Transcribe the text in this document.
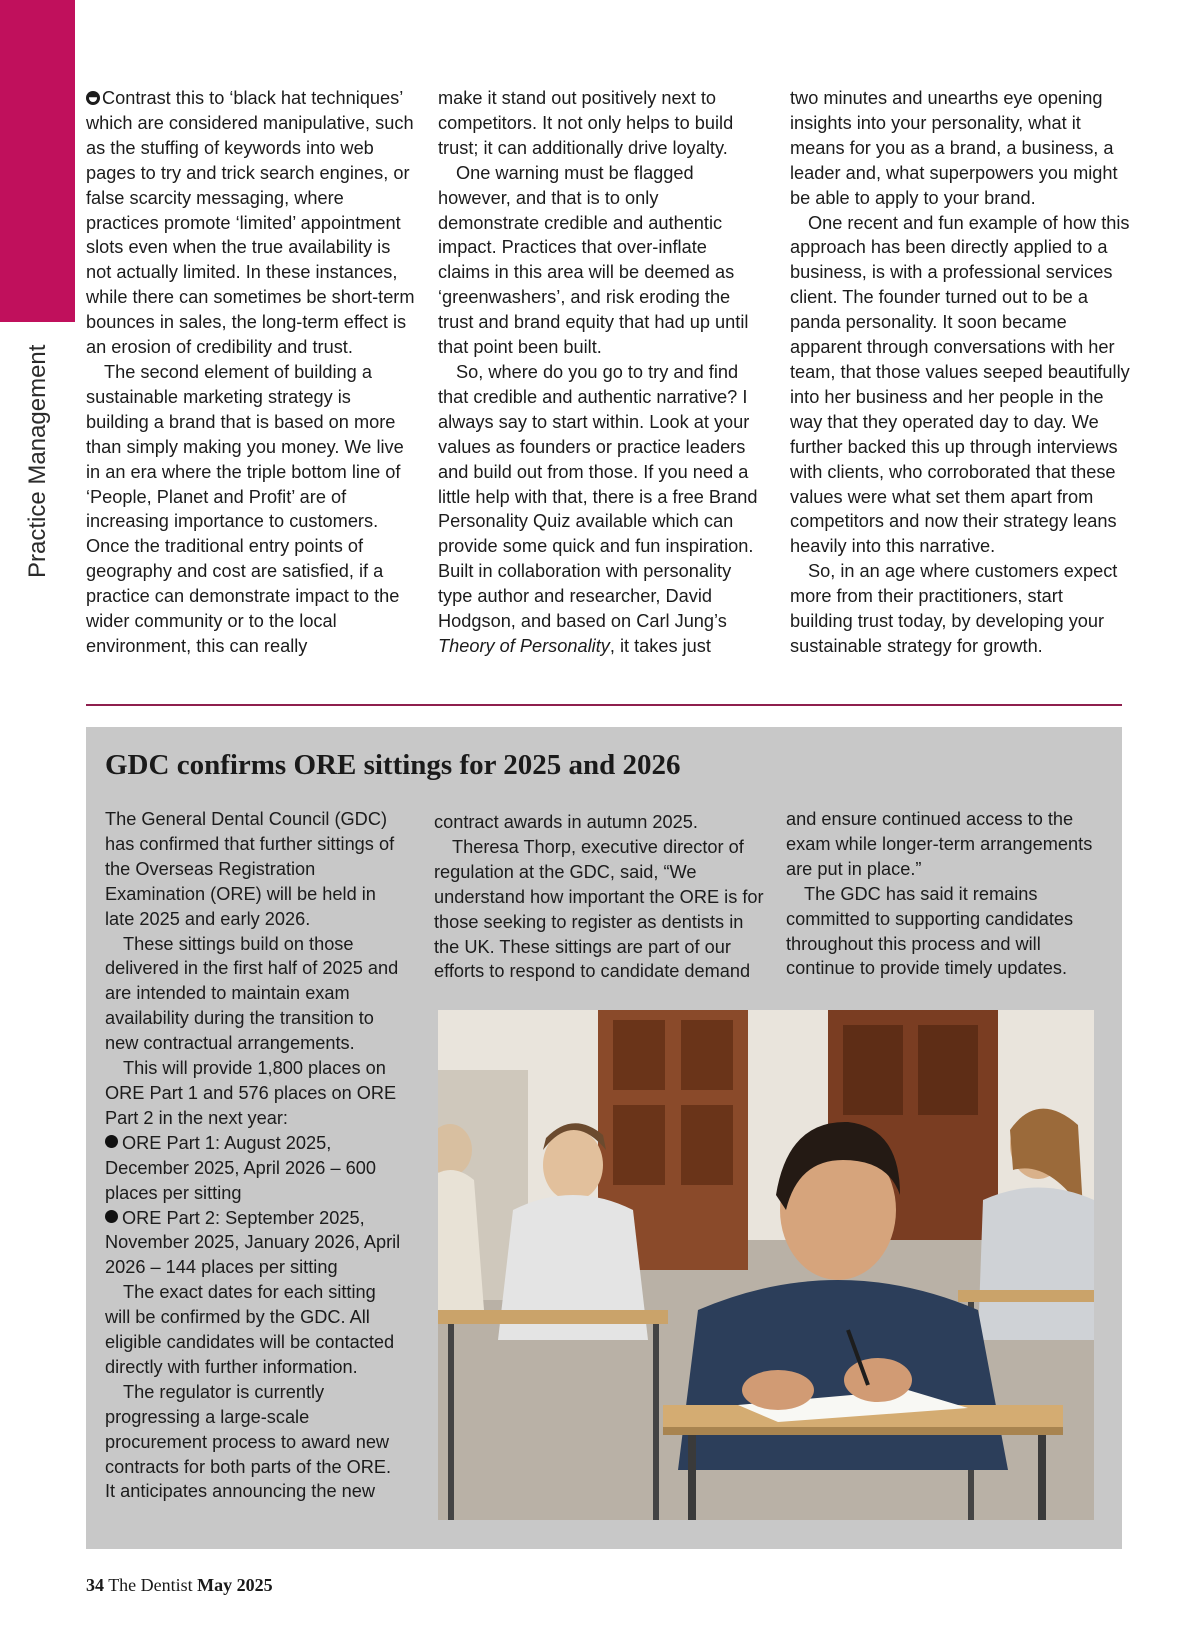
Practice Management

Contrast this to ‘black hat techniques’ which are considered manipulative, such as the stuffing of keywords into web pages to try and trick search engines, or false scarcity messaging, where practices promote ‘limited’ appointment slots even when the true availability is not actually limited. In these instances, while there can sometimes be short-term bounces in sales, the long-term effect is an erosion of credibility and trust.

The second element of building a sustainable marketing strategy is building a brand that is based on more than simply making you money. We live in an era where the triple bottom line of ‘People, Planet and Profit’ are of increasing importance to customers. Once the traditional entry points of geography and cost are satisfied, if a practice can demonstrate impact to the wider community or to the local environment, this can really

make it stand out positively next to competitors. It not only helps to build trust; it can additionally drive loyalty.

One warning must be flagged however, and that is to only demonstrate credible and authentic impact. Practices that over-inflate claims in this area will be deemed as ‘greenwashers’, and risk eroding the trust and brand equity that had up until that point been built.

So, where do you go to try and find that credible and authentic narrative? I always say to start within. Look at your values as founders or practice leaders and build out from those. If you need a little help with that, there is a free Brand Personality Quiz available which can provide some quick and fun inspiration. Built in collaboration with personality type author and researcher, David Hodgson, and based on Carl Jung’s Theory of Personality, it takes just

two minutes and unearths eye opening insights into your personality, what it means for you as a brand, a business, a leader and, what superpowers you might be able to apply to your brand.

One recent and fun example of how this approach has been directly applied to a business, is with a professional services client. The founder turned out to be a panda personality. It soon became apparent through conversations with her team, that those values seeped beautifully into her business and her people in the way that they operated day to day. We further backed this up through interviews with clients, who corroborated that these values were what set them apart from competitors and now their strategy leans heavily into this narrative.

So, in an age where customers expect more from their practitioners, start building trust today, by developing your sustainable strategy for growth.

GDC confirms ORE sittings for 2025 and 2026

The General Dental Council (GDC) has confirmed that further sittings of the Overseas Registration Examination (ORE) will be held in late 2025 and early 2026.

These sittings build on those delivered in the first half of 2025 and are intended to maintain exam availability during the transition to new contractual arrangements.

This will provide 1,800 places on ORE Part 1 and 576 places on ORE Part 2 in the next year:

ORE Part 1: August 2025, December 2025, April 2026 – 600 places per sitting

ORE Part 2: September 2025, November 2025, January 2026, April 2026 – 144 places per sitting

The exact dates for each sitting will be confirmed by the GDC. All eligible candidates will be contacted directly with further information.

The regulator is currently progressing a large-scale procurement process to award new contracts for both parts of the ORE. It anticipates announcing the new

contract awards in autumn 2025.

Theresa Thorp, executive director of regulation at the GDC, said, “We understand how important the ORE is for those seeking to register as dentists in the UK. These sittings are part of our efforts to respond to candidate demand

and ensure continued access to the exam while longer-term arrangements are put in place.”

The GDC has said it remains committed to supporting candidates throughout this process and will continue to provide timely updates.

34 The Dentist May 2025
